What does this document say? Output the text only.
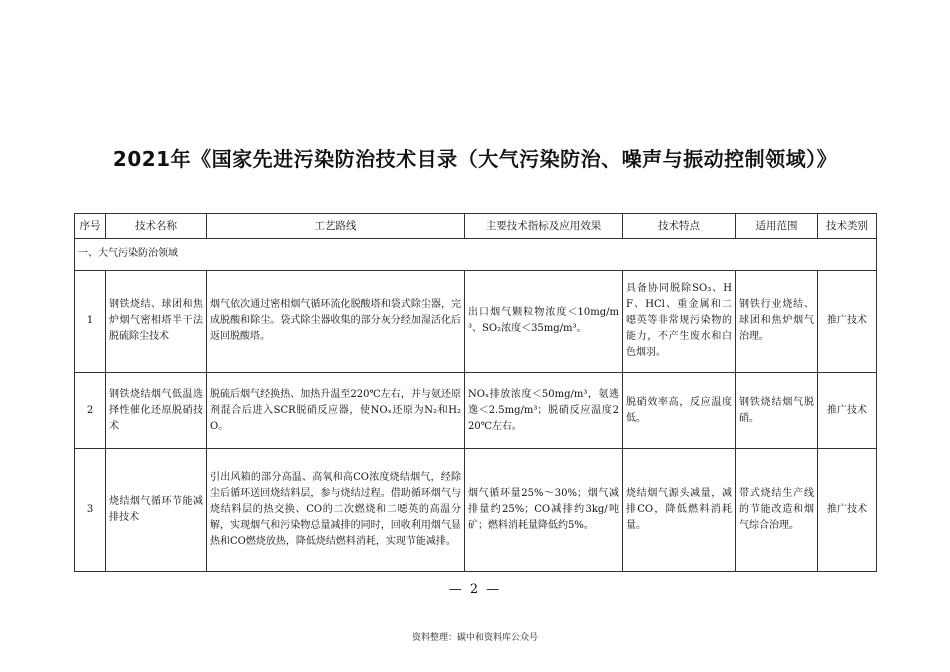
2021年《国家先进污染防治技术目录（大气污染防治、噪声与振动控制领域）》
序号	技术名称	工艺路线	主要技术指标及应用效果	技术特点	适用范围	技术类别
一、大气污染防治领域						
1	钢铁烧结、球团和焦炉烟气密相塔半干法脱硫除尘技术	烟气依次通过密相烟气循环流化脱酸塔和袋式除尘器，完成脱酸和除尘。袋式除尘器收集的部分灰分经加湿活化后返回脱酸塔。	出口烟气颗粒物浓度＜10mg/m³、SO₂浓度＜35mg/m³。	具备协同脱除SO₃、HF、HCl、重金属和二噁英等非常规污染物的能力，不产生废水和白色烟羽。	钢铁行业烧结、球团和焦炉烟气治理。	推广技术
2	钢铁烧结烟气低温选择性催化还原脱硝技术	脱硫后烟气经换热、加热升温至220℃左右，并与氨还原剂混合后进入SCR脱硝反应器，使NOₓ还原为N₂和H₂O。	NOₓ排放浓度＜50mg/m³，氨逃逸＜2.5mg/m³；脱硝反应温度220℃左右。	脱硝效率高，反应温度低。	钢铁烧结烟气脱硝。	推广技术
3	烧结烟气循环节能减排技术	引出风箱的部分高温、高氧和高CO浓度烧结烟气，经除尘后循环送回烧结料层，参与烧结过程。借助循环烟气与烧结料层的热交换、CO的二次燃烧和二噁英的高温分解，实现烟气和污染物总量减排的同时，回收利用烟气显热和CO燃烧放热，降低烧结燃料消耗，实现节能减排。	烟气循环量25%～30%；烟气减排量约25%；CO减排约3kg/吨矿；燃料消耗量降低约5%。	烧结烟气源头减量，减排CO，降低燃料消耗量。	带式烧结生产线的节能改造和烟气综合治理。	推广技术
— 2 —
资料整理：碳中和资料库公众号
